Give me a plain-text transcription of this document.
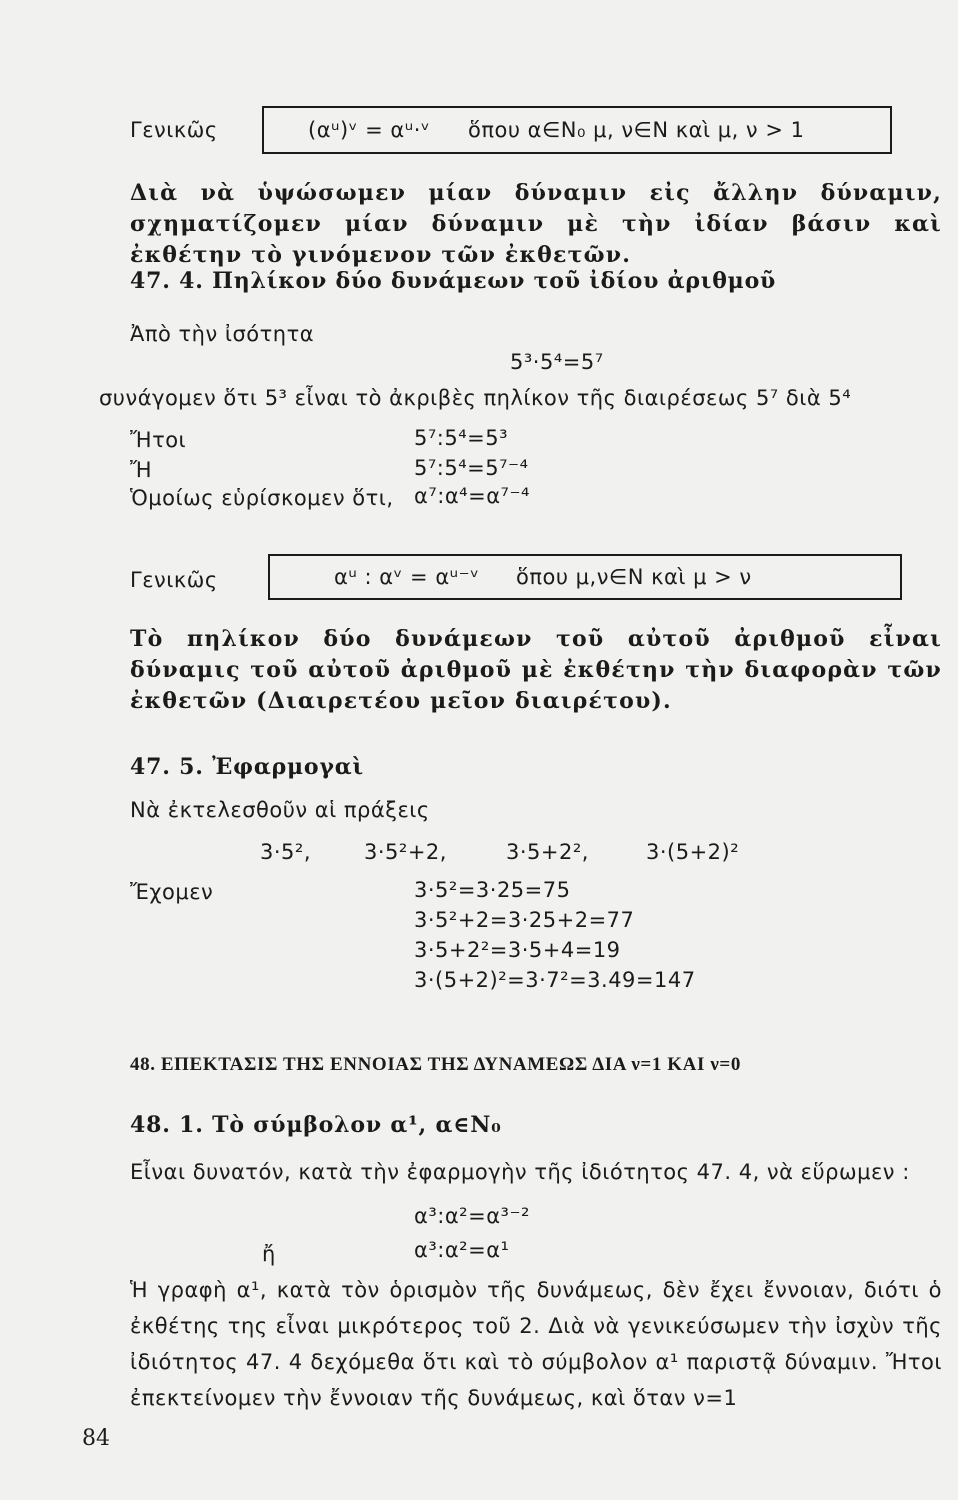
Γενικῶς	(αᵘ)ᵛ = αᵘ·ᵛ ὅπου α∈N₀ μ, ν∈N καὶ μ, ν > 1
Διὰ νὰ ὑψώσωμεν μίαν δύναμιν εἰς ἄλλην δύναμιν, σχηματίζομεν μίαν δύναμιν μὲ τὴν ἰδίαν βάσιν καὶ ἐκθέτην τὸ γινόμενον τῶν ἐκθετῶν.
47. 4. Πηλίκον δύο δυνάμεων τοῦ ἰδίου ἀριθμοῦ
Ἀπὸ τὴν ἰσότητα
5³·5⁴=5⁷
συνάγομεν ὅτι 5³ εἶναι τὸ ἀκριβὲς πηλίκον τῆς διαιρέσεως 5⁷ διὰ 5⁴
Ἤτοι	5⁷:5⁴=5³
Ἤ	5⁷:5⁴=5⁷⁻⁴
Ὁμοίως εὑρίσκομεν ὅτι, α⁷:α⁴=α⁷⁻⁴
Γενικῶς	αᵘ : αᵛ = αᵘ⁻ᵛ ὅπου μ,ν∈N καὶ μ > ν
Τὸ πηλίκον δύο δυνάμεων τοῦ αὐτοῦ ἀριθμοῦ εἶναι δύναμις τοῦ αὐτοῦ ἀριθμοῦ μὲ ἐκθέτην τὴν διαφορὰν τῶν ἐκθετῶν (Διαιρετέου μεῖον διαιρέτου).
47. 5. Ἐφαρμογαὶ
Νὰ ἐκτελεσθοῦν αἱ πράξεις
3·5²,	3·5²+2,	3·5+2²,	3·(5+2)²
Ἔχομεν	3·5²=3·25=75
3·5²+2=3·25+2=77
3·5+2²=3·5+4=19
3·(5+2)²=3·7²=3.49=147
48. ΕΠΕΚΤΑΣΙΣ ΤΗΣ ΕΝΝΟΙΑΣ ΤΗΣ ΔΥΝΑΜΕΩΣ ΔΙΑ ν=1 ΚΑΙ ν=0
48. 1. Τὸ σύμβολον α¹, α∈N₀
Εἶναι δυνατόν, κατὰ τὴν ἐφαρμογὴν τῆς ἰδιότητος 47. 4, νὰ εὕρωμεν :
α³:α²=α³⁻²
ἤ	α³:α²=α¹
Ἡ γραφὴ α¹, κατὰ τὸν ὁρισμὸν τῆς δυνάμεως, δὲν ἔχει ἔννοιαν, διότι ὁ ἐκθέτης της εἶναι μικρότερος τοῦ 2. Διὰ νὰ γενικεύσωμεν τὴν ἰσχὺν τῆς ἰδιότητος 47. 4 δεχόμεθα ὅτι καὶ τὸ σύμβολον α¹ παριστᾷ δύναμιν. Ἤτοι ἐπεκτείνομεν τὴν ἔννοιαν τῆς δυνάμεως, καὶ ὅταν ν=1
84
